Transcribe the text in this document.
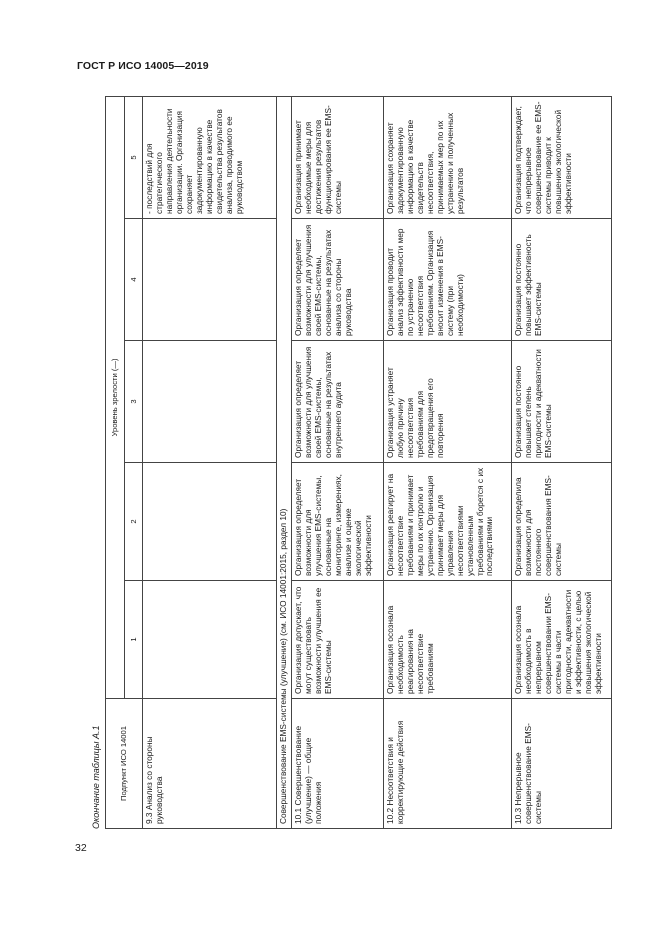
ГОСТ Р ИСО 14005—2019
Окончание таблицы А.1	Подпункт ИСО 14001	Уровень зрелости (—)				
	1	2	3	4	5
9.3 Анализ со стороны руководства					- последствий для стратегического направления деятельности организации. Организация сохраняет задокументированную информацию в качестве свидетельства результатов анализа, проводимого ее руководством
Совершенствование EMS-системы (улучшение) (см. ИСО 14001:2015, раздел 10)					
10.1 Совершенствование (улучшение) — общие положения	Организация допускает, что могут существовать возможности улучшения ее EMS-системы	Организация определяет возможности для улучшения EMS-системы, основанные на мониторинге, измерениях, анализе и оценке экологической эффективности	Организация определяет возможности для улучшения своей EMS-системы, основанные на результатах внутреннего аудита	Организация определяет возможности для улучшения своей EMS-системы, основанные на результатах анализа со стороны руководства	Организация принимает необходимые меры для достижения результатов функционирования ее EMS-системы
10.2 Несоответствия и корректирующие действия	Организация осознала необходимость реагирования на несоответствие требованиям	Организация реагирует на несоответствие требованиям и принимает меры по их контролю и устранению. Организация принимает меры для управления несоответствиями установленным требованиям и борется с их последствиями	Организация устраняет любую причину несоответствия требованиям для предотвращения его повторения	Организация проводит анализ эффективности мер по устранению несоответствия требованиям. Организация вносит изменения в EMS-систему (при необходимости)	Организация сохраняет задокументированную информацию в качестве свидетельств несоответствия, принимаемых мер по их устранению и полученных результатов
10.3 Непрерывное совершенствование EMS-системы	Организация осознала необходимость в непрерывном совершенствовании EMS-системы в части пригодности, адекватности и эффективности, с целью повышения экологической эффективности	Организация определила возможности для постоянного совершенствования EMS-системы	Организация постоянно повышает степень пригодности и адекватности EMS-системы	Организация постоянно повышает эффективность EMS-системы	Организация подтверждает, что непрерывное совершенствование ее EMS-системы приводит к повышению экологической эффективности
32
